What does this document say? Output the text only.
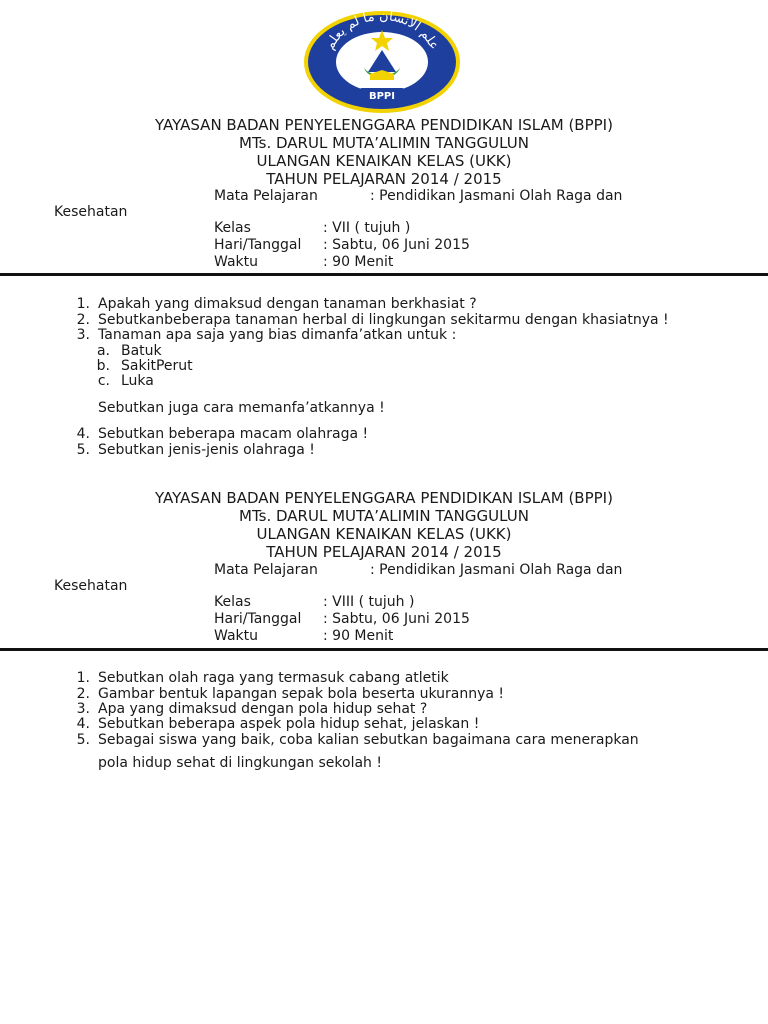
علم الانسان ما لم يعلم
BPPI
YAYASAN BADAN PENYELENGGARA PENDIDIKAN ISLAM (BPPI)
MTs. DARUL MUTA’ALIMIN TANGGULUN
ULANGAN KENAIKAN KELAS (UKK)
TAHUN PELAJARAN 2014 / 2015
Mata Pelajaran	: Pendidikan Jasmani Olah Raga dan
Kesehatan
Kelas	: VII ( tujuh )
Hari/Tanggal : Sabtu, 06 Juni 2015
Waktu	: 90 Menit
1. Apakah yang dimaksud dengan tanaman berkhasiat ?
2. Sebutkanbeberapa tanaman herbal di lingkungan sekitarmu dengan khasiatnya !
3. Tanaman apa saja yang bias dimanfa’atkan untuk :
a. Batuk
b. SakitPerut
c. Luka
Sebutkan juga cara memanfa’atkannya !
4. Sebutkan beberapa macam olahraga !
5. Sebutkan jenis-jenis olahraga !
YAYASAN BADAN PENYELENGGARA PENDIDIKAN ISLAM (BPPI)
MTs. DARUL MUTA’ALIMIN TANGGULUN
ULANGAN KENAIKAN KELAS (UKK)
TAHUN PELAJARAN 2014 / 2015
Mata Pelajaran	: Pendidikan Jasmani Olah Raga dan
Kesehatan
Kelas	: VIII ( tujuh )
Hari/Tanggal : Sabtu, 06 Juni 2015
Waktu	: 90 Menit
1. Sebutkan olah raga yang termasuk cabang atletik
2. Gambar bentuk lapangan sepak bola beserta ukurannya !
3. Apa yang dimaksud dengan pola hidup sehat ?
4. Sebutkan beberapa aspek pola hidup sehat, jelaskan !
5. Sebagai siswa yang baik, coba kalian sebutkan bagaimana cara menerapkan
pola hidup sehat di lingkungan sekolah !
